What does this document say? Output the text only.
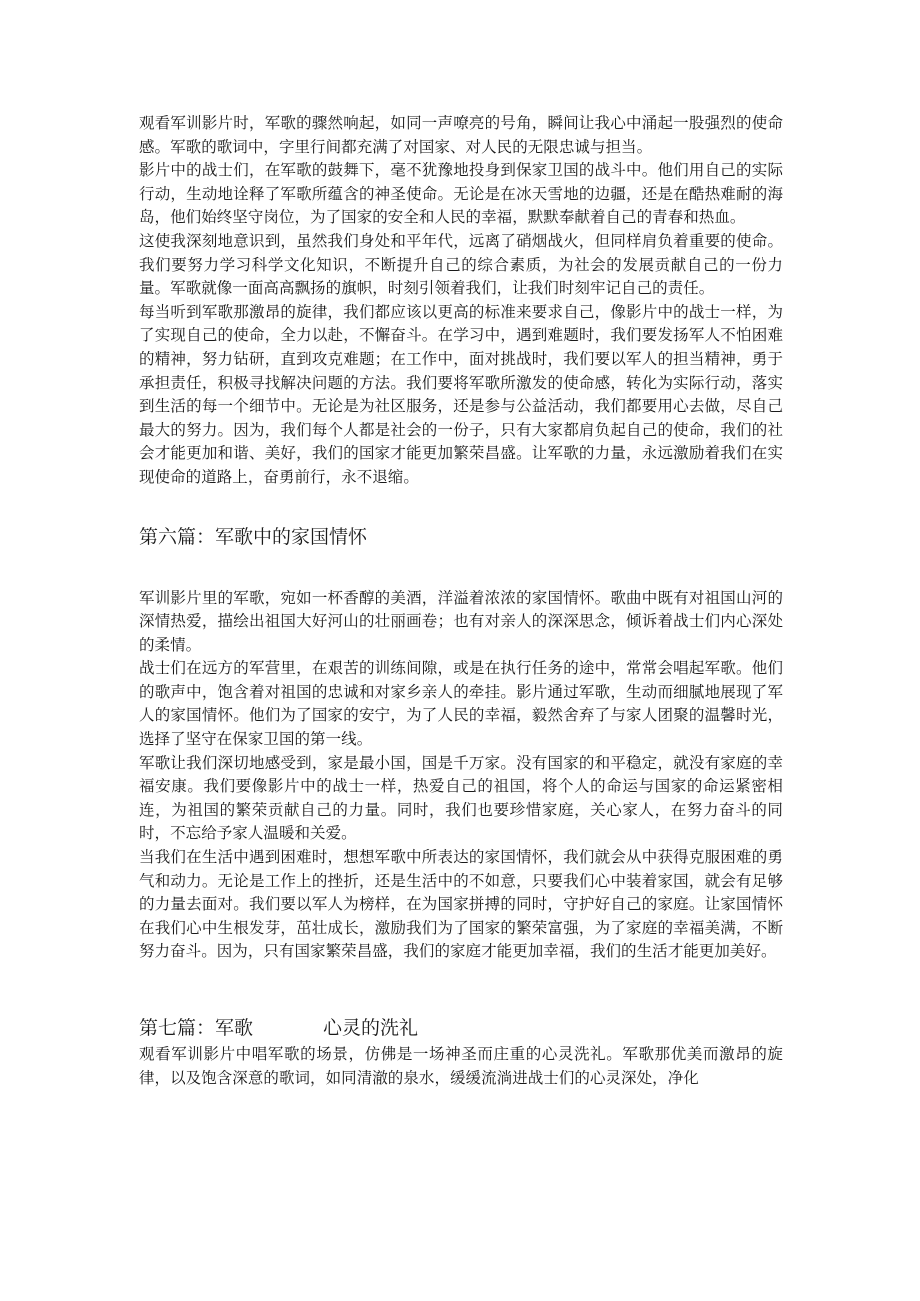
观看军训影片时，军歌的骤然响起，如同一声嘹亮的号角，瞬间让我心中涌起一股强烈的使命感。军歌的歌词中，字里行间都充满了对国家、对人民的无限忠诚与担当。

影片中的战士们，在军歌的鼓舞下，毫不犹豫地投身到保家卫国的战斗中。他们用自己的实际行动，生动地诠释了军歌所蕴含的神圣使命。无论是在冰天雪地的边疆，还是在酷热难耐的海岛，他们始终坚守岗位，为了国家的安全和人民的幸福，默默奉献着自己的青春和热血。

这使我深刻地意识到，虽然我们身处和平年代，远离了硝烟战火，但同样肩负着重要的使命。我们要努力学习科学文化知识，不断提升自己的综合素质，为社会的发展贡献自己的一份力量。军歌就像一面高高飘扬的旗帜，时刻引领着我们，让我们时刻牢记自己的责任。

每当听到军歌那激昂的旋律，我们都应该以更高的标准来要求自己，像影片中的战士一样，为了实现自己的使命，全力以赴，不懈奋斗。在学习中，遇到难题时，我们要发扬军人不怕困难的精神，努力钻研，直到攻克难题；在工作中，面对挑战时，我们要以军人的担当精神，勇于承担责任，积极寻找解决问题的方法。我们要将军歌所激发的使命感，转化为实际行动，落实到生活的每一个细节中。无论是为社区服务，还是参与公益活动，我们都要用心去做，尽自己最大的努力。因为，我们每个人都是社会的一份子，只有大家都肩负起自己的使命，我们的社会才能更加和谐、美好，我们的国家才能更加繁荣昌盛。让军歌的力量，永远激励着我们在实现使命的道路上，奋勇前行，永不退缩。

第六篇：军歌中的家国情怀

军训影片里的军歌，宛如一杯香醇的美酒，洋溢着浓浓的家国情怀。歌曲中既有对祖国山河的深情热爱，描绘出祖国大好河山的壮丽画卷；也有对亲人的深深思念，倾诉着战士们内心深处的柔情。

战士们在远方的军营里，在艰苦的训练间隙，或是在执行任务的途中，常常会唱起军歌。他们的歌声中，饱含着对祖国的忠诚和对家乡亲人的牵挂。影片通过军歌，生动而细腻地展现了军人的家国情怀。他们为了国家的安宁，为了人民的幸福，毅然舍弃了与家人团聚的温馨时光，选择了坚守在保家卫国的第一线。

军歌让我们深切地感受到，家是最小国，国是千万家。没有国家的和平稳定，就没有家庭的幸福安康。我们要像影片中的战士一样，热爱自己的祖国，将个人的命运与国家的命运紧密相连，为祖国的繁荣贡献自己的力量。同时，我们也要珍惜家庭，关心家人，在努力奋斗的同时，不忘给予家人温暖和关爱。

当我们在生活中遇到困难时，想想军歌中所表达的家国情怀，我们就会从中获得克服困难的勇气和动力。无论是工作上的挫折，还是生活中的不如意，只要我们心中装着家国，就会有足够的力量去面对。我们要以军人为榜样，在为国家拼搏的同时，守护好自己的家庭。让家国情怀在我们心中生根发芽，茁壮成长，激励我们为了国家的繁荣富强，为了家庭的幸福美满，不断努力奋斗。因为，只有国家繁荣昌盛，我们的家庭才能更加幸福，我们的生活才能更加美好。

第七篇：军歌	心灵的洗礼

观看军训影片中唱军歌的场景，仿佛是一场神圣而庄重的心灵洗礼。军歌那优美而激昂的旋律，以及饱含深意的歌词，如同清澈的泉水，缓缓流淌进战士们的心灵深处，净化
